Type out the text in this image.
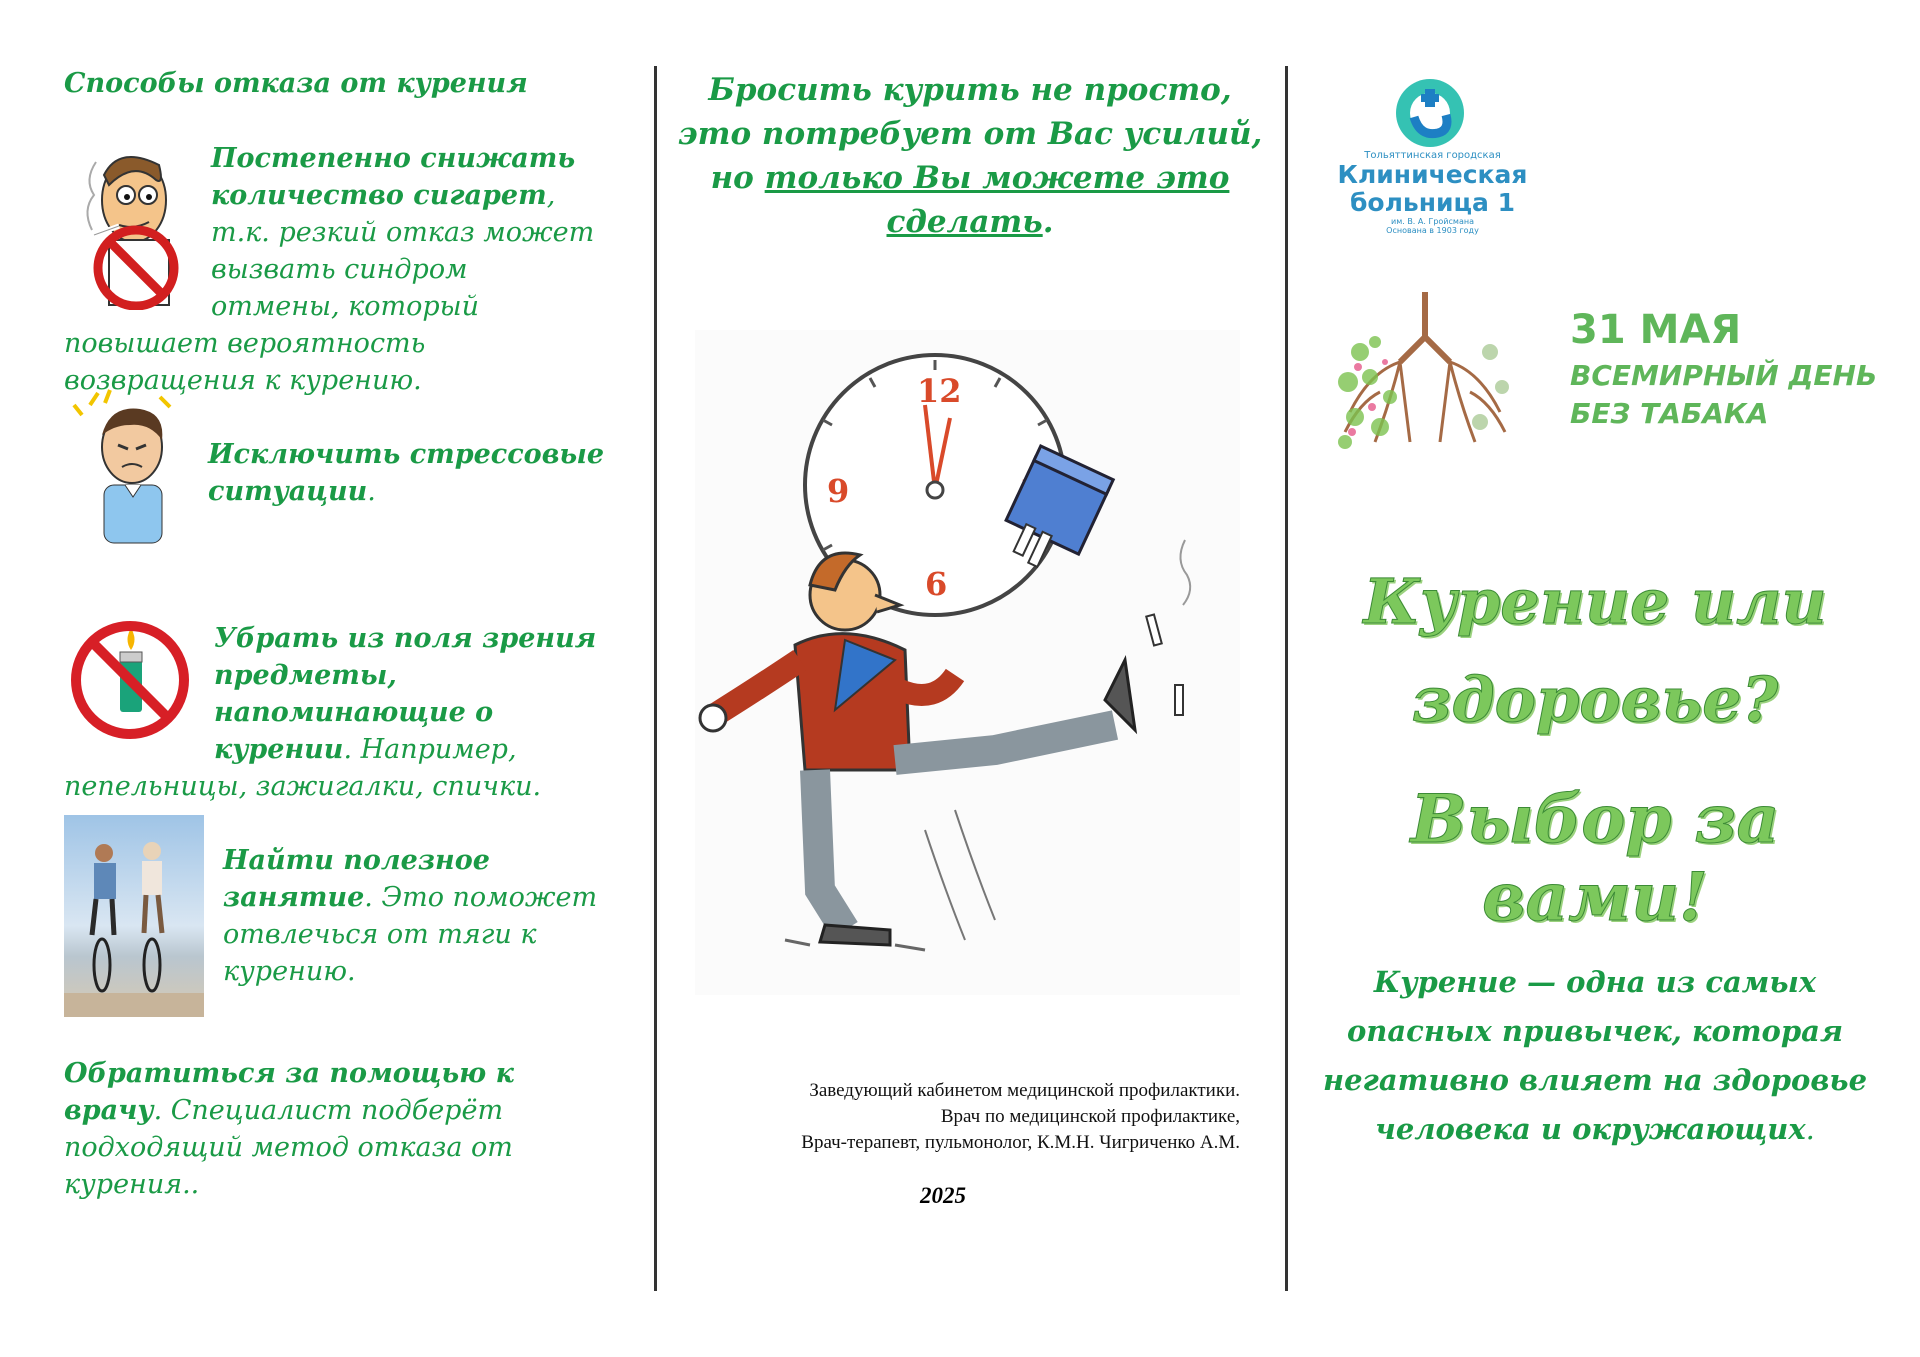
Способы отказа от курения
Постепенно снижать количество сигарет, т.к. резкий отказ может вызвать синдром отмены, который повышает вероятность возвращения к курению.
Исключить стрессовые ситуации.
Убрать из поля зрения предметы, напоминающие о курении. Например, пепельницы, зажигалки, спички.
Найти полезное занятие. Это поможет отвлечься от тяги к курению.
Обратиться за помощью к врачу. Специалист подберёт подходящий метод отказа от курения..
Бросить курить не просто, это потребует от Вас усилий, но только Вы можете это сделать.
12
6
9
Заведующий кабинетом медицинской профилактики.
Врач по медицинской профилактике,
Врач-терапевт, пульмонолог, К.М.Н. Чигриченко А.М.
2025
Тольяттинская городская
Клиническая
больница 1
им. В. А. Гройсмана
Основана в 1903 году
31 МАЯ
ВСЕМИРНЫЙ ДЕНЬ
БЕЗ ТАБАКА
Курение или
здоровье?
Выбор за вами!
Курение — одна из самых опасных привычек, которая негативно влияет на здоровье человека и окружающих.
